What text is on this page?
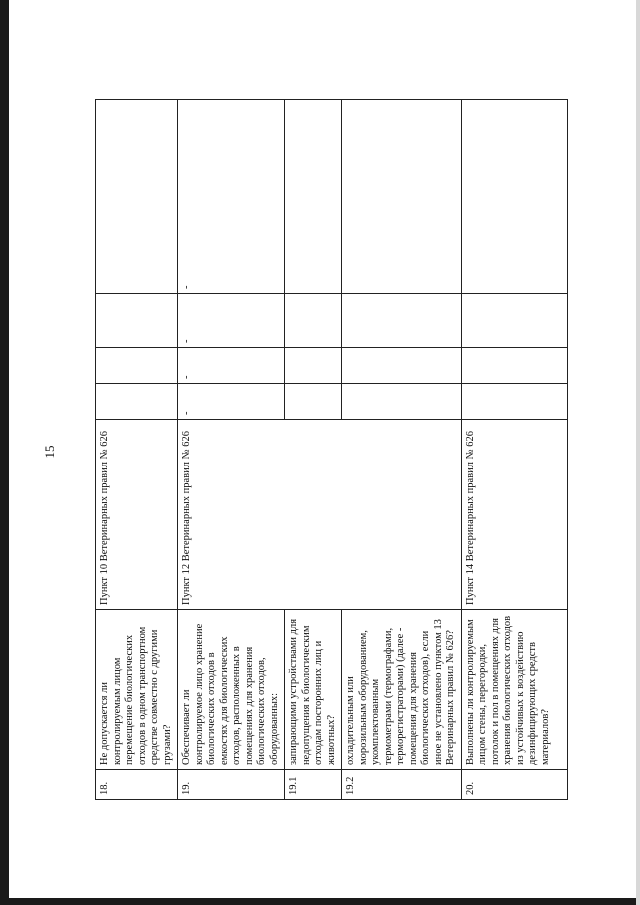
15
18.	Не допускается ли контролируемым лицом перемещение биологических отходов в одном транспортном средстве совместно с другими грузами?	Пункт 10 Ветеринарных правил № 626				
19.	Обеспечивает ли контролируемое лицо хранение биологических отходов в емкостях для биологических отходов, расположенных в помещениях для хранения биологических отходов, оборудованных:	Пункт 12 Ветеринарных правил № 626	-	-	-	-
19.1	запирающими устройствами для недопущения к биологическим отходам посторонних лиц и животных?					
19.2	охладительным или морозильным оборудованием, укомплектованным термометрами (термографами, терморегистраторами) (далее - помещения для хранения биологических отходов), если иное не установлено пунктом 13 Ветеринарных правил № 626?					
20.	Выполнены ли контролируемым лицом стены, перегородки, потолок и пол в помещениях для хранения биологических отходов из устойчивых к воздействию дезинфицирующих средств материалов?	Пункт 14 Ветеринарных правил № 626				
